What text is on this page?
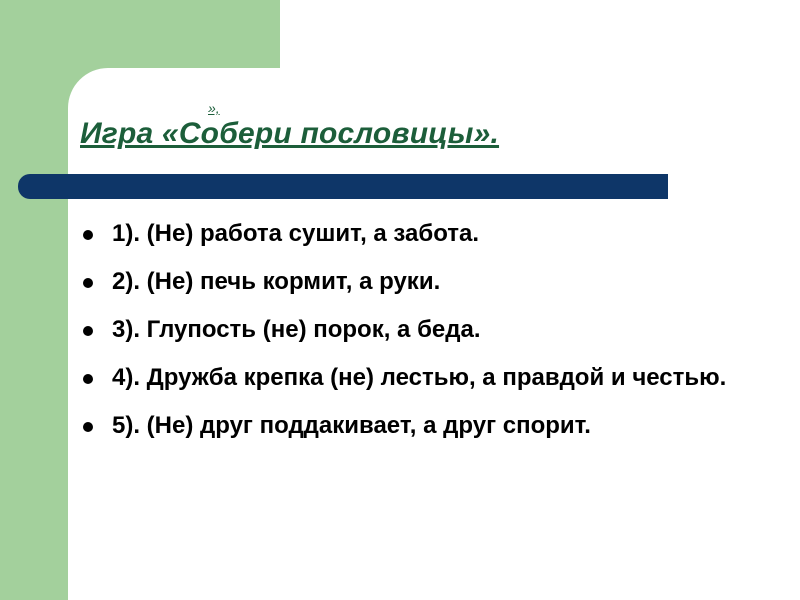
»,
Игра «Собери пословицы».
1). (Не) работа сушит, а забота.
2). (Не) печь кормит, а руки.
3). Глупость (не) порок, а беда.
4). Дружба крепка (не) лестью, а правдой и честью.
5). (Не) друг поддакивает, а друг спорит.
